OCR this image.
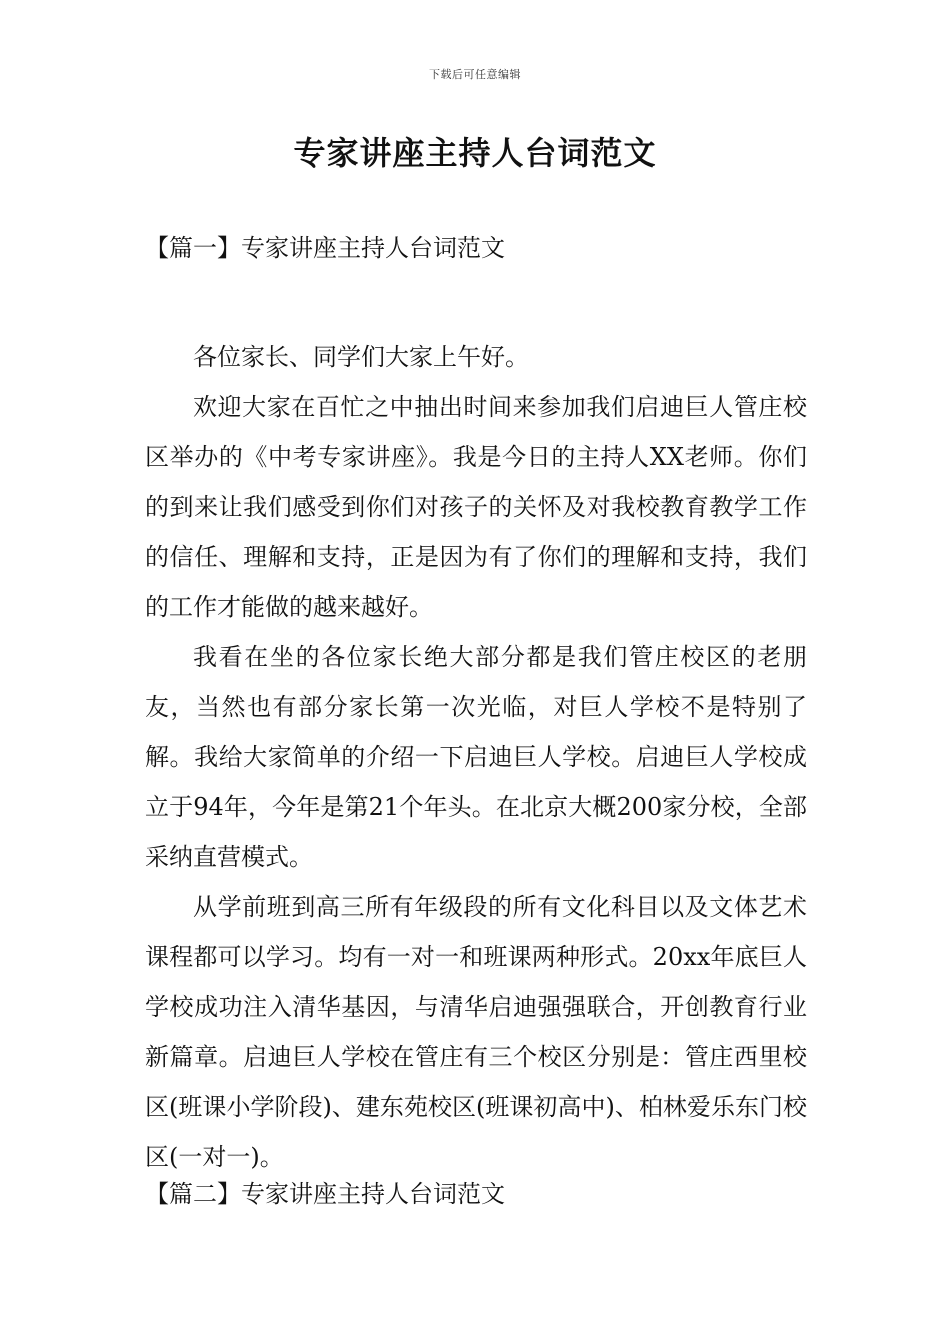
下载后可任意编辑
专家讲座主持人台词范文
【篇一】专家讲座主持人台词范文

各位家长、同学们大家上午好。

欢迎大家在百忙之中抽出时间来参加我们启迪巨人管庄校区举办的《中考专家讲座》。我是今日的主持人XX老师。你们的到来让我们感受到你们对孩子的关怀及对我校教育教学工作的信任、理解和支持，正是因为有了你们的理解和支持，我们的工作才能做的越来越好。

我看在坐的各位家长绝大部分都是我们管庄校区的老朋友，当然也有部分家长第一次光临，对巨人学校不是特别了解。我给大家简单的介绍一下启迪巨人学校。启迪巨人学校成立于94年，今年是第21个年头。在北京大概200家分校，全部采纳直营模式。

从学前班到高三所有年级段的所有文化科目以及文体艺术课程都可以学习。均有一对一和班课两种形式。20xx年底巨人学校成功注入清华基因，与清华启迪强强联合，开创教育行业新篇章。启迪巨人学校在管庄有三个校区分别是：管庄西里校区(班课小学阶段)、建东苑校区(班课初高中)、柏林爱乐东门校区(一对一)。

【篇二】专家讲座主持人台词范文
